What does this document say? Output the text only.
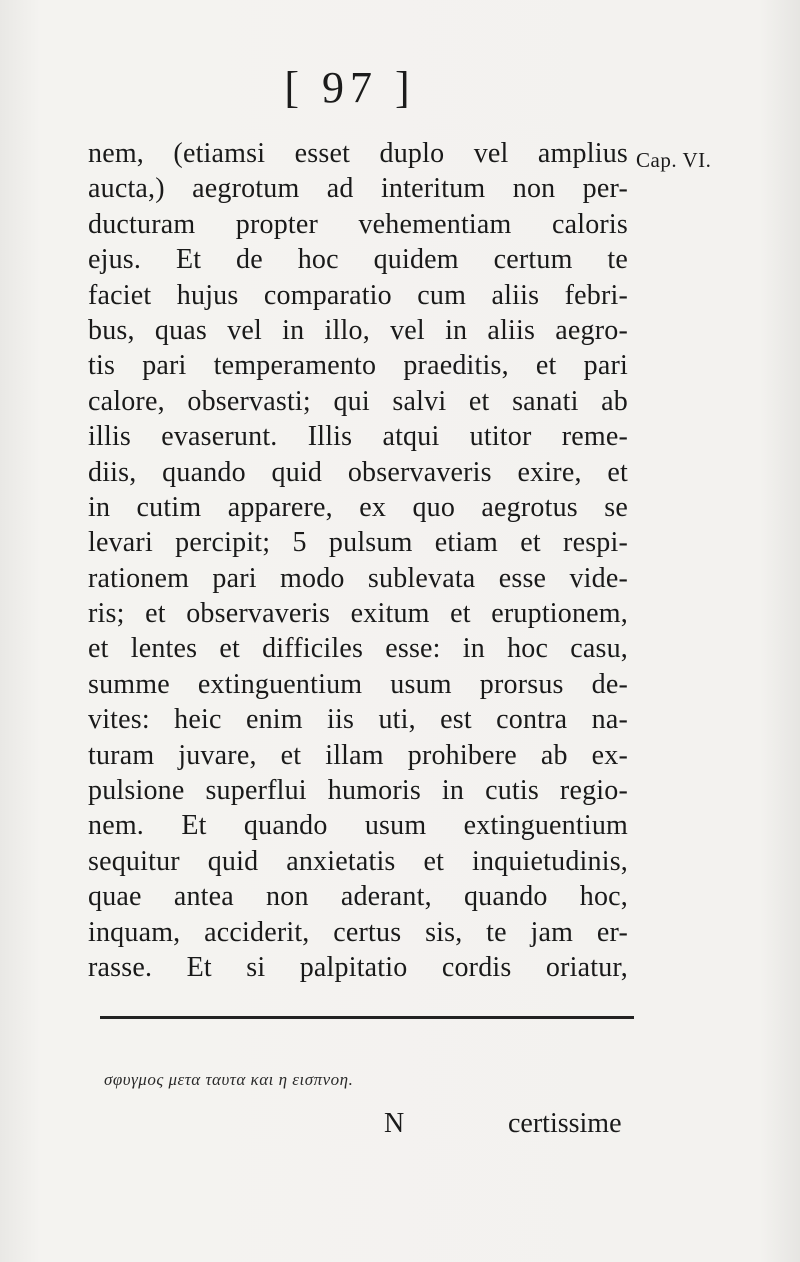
[ 97 ]
Cap. VI.
nem, (etiamsi esset duplo vel amplius
aucta,) aegrotum ad interitum non per-
ducturam propter vehementiam caloris
ejus. Et de hoc quidem certum te
faciet hujus comparatio cum aliis febri-
bus, quas vel in illo, vel in aliis aegro-
tis pari temperamento praeditis, et pari
calore, observasti; qui salvi et sanati ab
illis evaserunt. Illis atqui utitor reme-
diis, quando quid observaveris exire, et
in cutim apparere, ex quo aegrotus se
levari percipit; 5 pulsum etiam et respi-
rationem pari modo sublevata esse vide-
ris; et observaveris exitum et eruptionem,
et lentes et difficiles esse: in hoc casu,
summe extinguentium usum prorsus de-
vites: heic enim iis uti, est contra na-
turam juvare, et illam prohibere ab ex-
pulsione superflui humoris in cutis regio-
nem. Et quando usum extinguentium
sequitur quid anxietatis et inquietudinis,
quae antea non aderant, quando hoc,
inquam, acciderit, certus sis, te jam er-
rasse. Et si palpitatio cordis oriatur,
σφυγμος μετα ταυτα και η εισπνοη.
N	certissime
